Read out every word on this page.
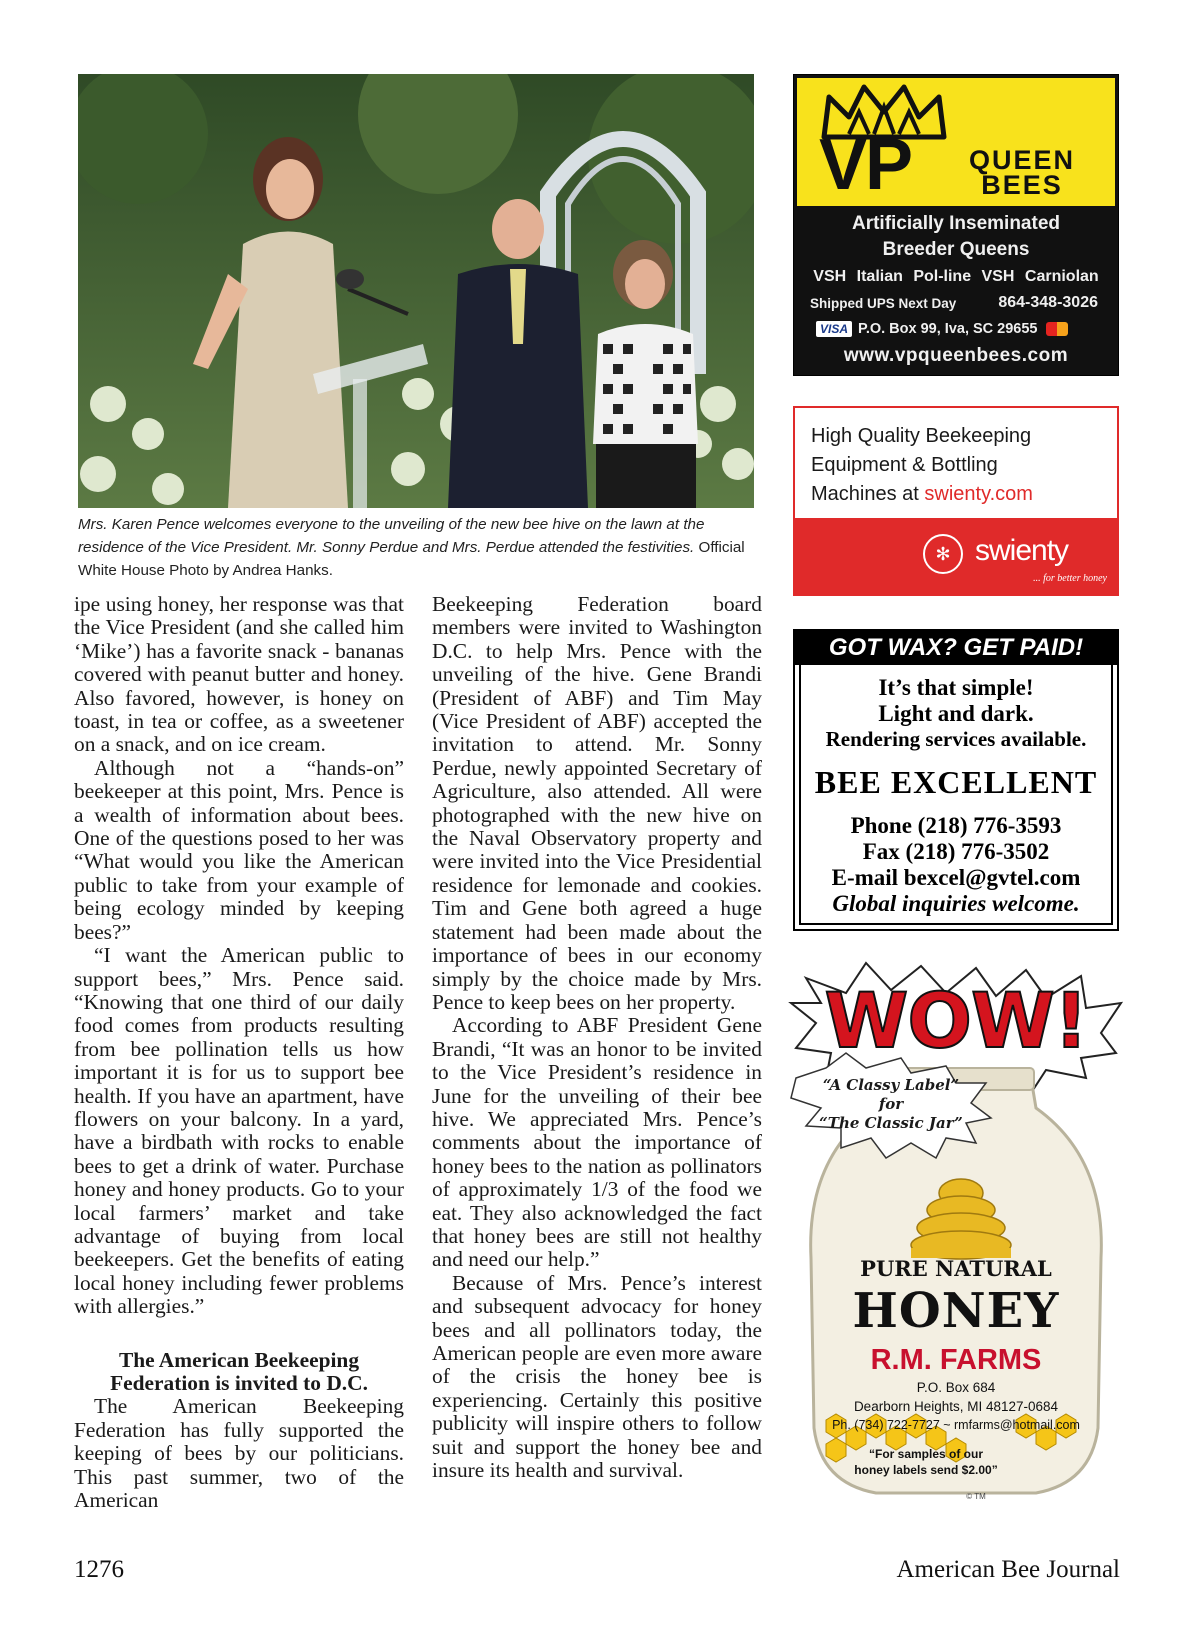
Mrs. Karen Pence welcomes everyone to the unveiling of the new bee hive on the lawn at the residence of the Vice President. Mr. Sonny Perdue and Mrs. Perdue attended the festivities. Official White House Photo by Andrea Hanks.

ipe using honey, her response was that the Vice President (and she called him ‘Mike’) has a favorite snack - bananas covered with peanut butter and honey. Also favored, however, is honey on toast, in tea or coffee, as a sweetener on a snack, and on ice cream.

Although not a “hands-on” beekeeper at this point, Mrs. Pence is a wealth of information about bees. One of the questions posed to her was “What would you like the American public to take from your example of being ecology minded by keeping bees?”

“I want the American public to support bees,” Mrs. Pence said. “Knowing that one third of our daily food comes from products resulting from bee pollination tells us how important it is for us to support bee health. If you have an apartment, have flowers on your balcony. In a yard, have a birdbath with rocks to enable bees to get a drink of water. Purchase honey and honey products. Go to your local farmers’ market and take advantage of buying from local beekeepers. Get the benefits of eating local honey including fewer problems with allergies.”

The American Beekeeping
Federation is invited to D.C.

The American Beekeeping Federation has fully supported the keeping of bees by our politicians. This past summer, two of the American

Beekeeping Federation board members were invited to Washington D.C. to help Mrs. Pence with the unveiling of the hive. Gene Brandi (President of ABF) and Tim May (Vice President of ABF) accepted the invitation to attend. Mr. Sonny Perdue, newly appointed Secretary of Agriculture, also attended. All were photographed with the new hive on the Naval Observatory property and were invited into the Vice Presidential residence for lemonade and cookies. Tim and Gene both agreed a huge statement had been made about the importance of bees in our economy simply by the choice made by Mrs. Pence to keep bees on her property.

According to ABF President Gene Brandi, “It was an honor to be invited to the Vice President’s residence in June for the unveiling of their bee hive. We appreciated Mrs. Pence’s comments about the importance of honey bees to the nation as pollinators of approximately 1/3 of the food we eat. They also acknowledged the fact that honey bees are still not healthy and need our help.”

Because of Mrs. Pence’s interest and subsequent advocacy for honey bees and all pollinators today, the American people are even more aware of the crisis the honey bee is experiencing. Certainly this positive publicity will inspire others to follow suit and support the honey bee and insure its health and survival.

1276	American Bee Journal
VP QUEEN
BEES
Artificially Inseminated
Breeder Queens
VSH Italian Pol-line VSH Carniolan
Shipped UPS Next Day	864-348-3026
VISA P.O. Box 99, Iva, SC 29655
www.vpqueenbees.com
High Quality Beekeeping
Equipment & Bottling
Machines at swienty.com
✻ swienty
... for better honey
GOT WAX? GET PAID!
It’s that simple!
Light and dark.
Rendering services available.
BEE EXCELLENT
Phone (218) 776-3593
Fax (218) 776-3502
E-mail bexcel@gvtel.com
Global inquiries welcome.
WOW!
“A Classy Label”
for
“The Classic Jar”
PURE NATURAL
HONEY
R.M. FARMS
P.O. Box 684
Dearborn Heights, MI 48127-0684
Ph. (734) 722-7727 ~ rmfarms@hotmail.com
“For samples of our
honey labels send $2.00”
© TM
